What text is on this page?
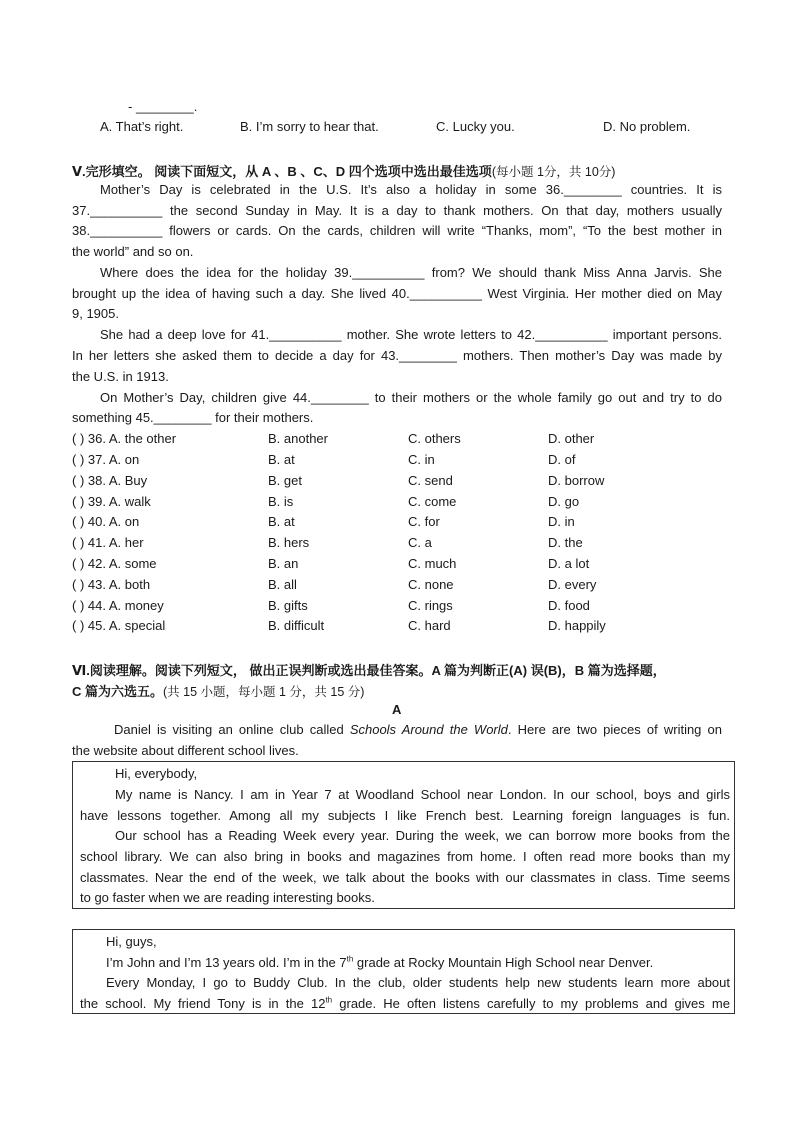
- ________.
A. That’s right.	B. I’m sorry to hear that.	C. Lucky you.	D. No problem.
Ⅴ.完形填空。 阅读下面短文，从 A 、B 、C、D 四个选项中选出最佳选项(每小题 1分，共 10分)
Mother’s Day is celebrated in the U.S. It’s also a holiday in some 36.________ countries. It is
37.__________ the second Sunday in May. It is a day to thank mothers. On that day, mothers usually
38.__________ flowers or cards. On the cards, children will write “Thanks, mom”, “To the best mother in
the world” and so on.
Where does the idea for the holiday 39.__________ from? We should thank Miss Anna Jarvis. She
brought up the idea of having such a day. She lived 40.__________ West Virginia. Her mother died on May
9, 1905.
She had a deep love for 41.__________ mother. She wrote letters to 42.__________ important persons.
In her letters she asked them to decide a day for 43.________ mothers. Then mother’s Day was made by
the U.S. in 1913.
On Mother’s Day, children give 44.________ to their mothers or the whole family go out and try to do
something 45.________ for their mothers.
( ) 36. A. the other	B. another	C. others	D. other
( ) 37. A. on	B. at	C. in	D. of
( ) 38. A. Buy	B. get	C. send	D. borrow
( ) 39. A. walk	B. is	C. come	D. go
( ) 40. A. on	B. at	C. for	D. in
( ) 41. A. her	B. hers	C. a	D. the
( ) 42. A. some	B. an	C. much	D. a lot
( ) 43. A. both	B. all	C. none	D. every
( ) 44. A. money	B. gifts	C. rings	D. food
( ) 45. A. special	B. difficult	C. hard	D. happily
Ⅵ.阅读理解。阅读下列短文， 做出正误判断或选出最佳答案。A 篇为判断正(A) 误(B)，B 篇为选择题，
C 篇为六选五。(共 15 小题，每小题 1 分，共 15 分)
A
Daniel is visiting an online club called Schools Around the World. Here are two pieces of writing on
the website about different school lives.
Hi, everybody,
My name is Nancy. I am in Year 7 at Woodland School near London. In our school, boys and girls
have lessons together. Among all my subjects I like French best. Learning foreign languages is fun.
Our school has a Reading Week every year. During the week, we can borrow more books from the
school library. We can also bring in books and magazines from home. I often read more books than my
classmates. Near the end of the week, we talk about the books with our classmates in class. Time seems
to go faster when we are reading interesting books.
Hi, guys,
I’m John and I’m 13 years old. I’m in the 7th grade at Rocky Mountain High School near Denver.
Every Monday, I go to Buddy Club. In the club, older students help new students learn more about
the school. My friend Tony is in the 12th grade. He often listens carefully to my problems and gives me
